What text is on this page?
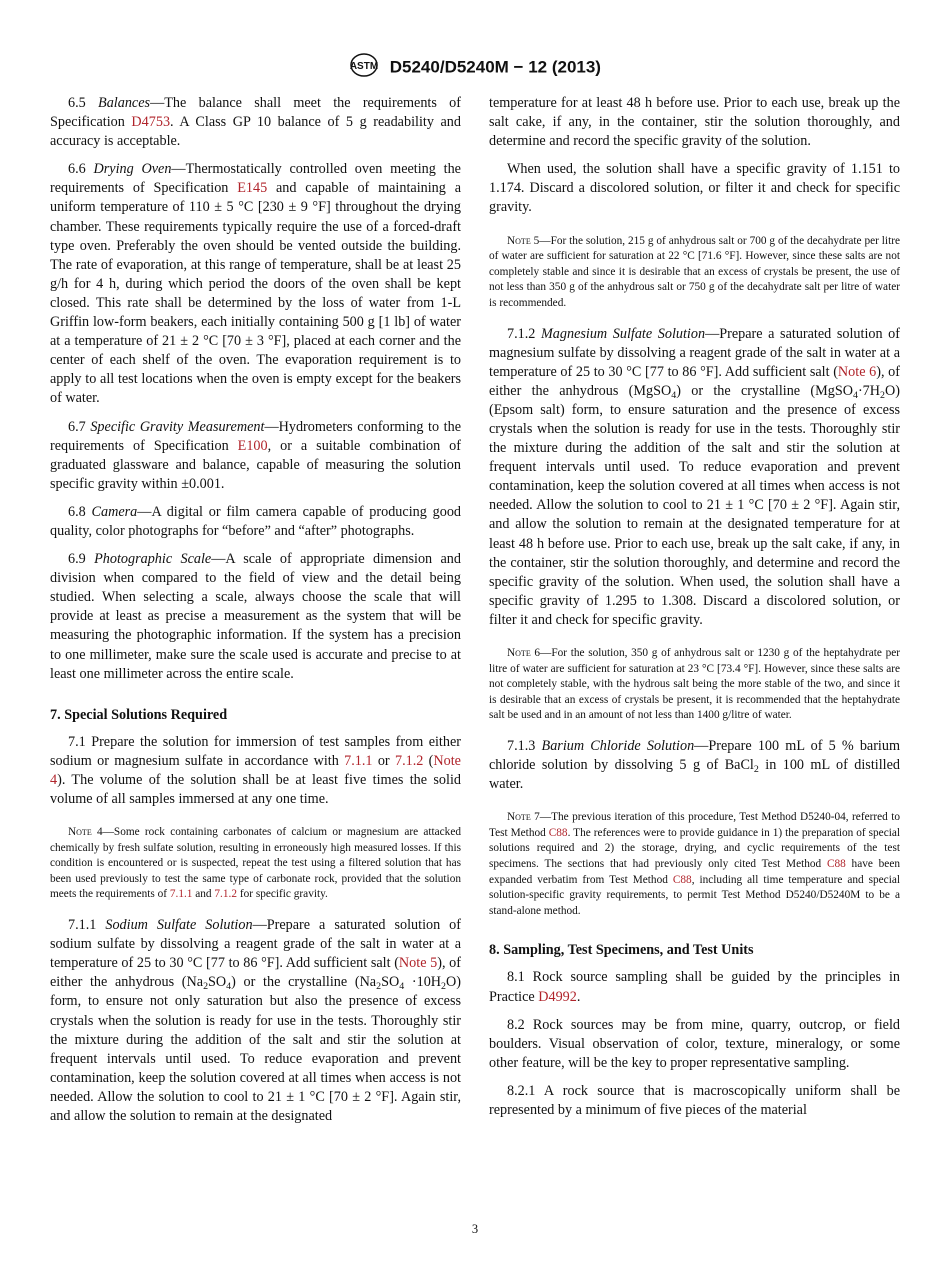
ASTM D5240/D5240M − 12 (2013)
6.5 Balances—The balance shall meet the requirements of Specification D4753. A Class GP 10 balance of 5 g readability and accuracy is acceptable.
6.6 Drying Oven—Thermostatically controlled oven meeting the requirements of Specification E145 and capable of maintaining a uniform temperature of 110 ± 5 °C [230 ± 9 °F] throughout the drying chamber. These requirements typically require the use of a forced-draft type oven. Preferably the oven should be vented outside the building. The rate of evaporation, at this range of temperature, shall be at least 25 g/h for 4 h, during which period the doors of the oven shall be kept closed. This rate shall be determined by the loss of water from 1-L Griffin low-form beakers, each initially containing 500 g [1 lb] of water at a temperature of 21 ± 2 °C [70 ± 3 °F], placed at each corner and the center of each shelf of the oven. The evaporation requirement is to apply to all test locations when the oven is empty except for the beakers of water.
6.7 Specific Gravity Measurement—Hydrometers conforming to the requirements of Specification E100, or a suitable combination of graduated glassware and balance, capable of measuring the solution specific gravity within ±0.001.
6.8 Camera—A digital or film camera capable of producing good quality, color photographs for “before” and “after” photographs.
6.9 Photographic Scale—A scale of appropriate dimension and division when compared to the field of view and the detail being studied. When selecting a scale, always choose the scale that will provide at least as precise a measurement as the system that will be measuring the photographic information. If the system has a precision to one millimeter, make sure the scale used is accurate and precise to at least one millimeter across the entire scale.
7. Special Solutions Required
7.1 Prepare the solution for immersion of test samples from either sodium or magnesium sulfate in accordance with 7.1.1 or 7.1.2 (Note 4). The volume of the solution shall be at least five times the solid volume of all samples immersed at any one time.
Note 4—Some rock containing carbonates of calcium or magnesium are attacked chemically by fresh sulfate solution, resulting in erroneously high measured losses. If this condition is encountered or is suspected, repeat the test using a filtered solution that has been used previously to test the same type of carbonate rock, provided that the solution meets the requirements of 7.1.1 and 7.1.2 for specific gravity.
7.1.1 Sodium Sulfate Solution—Prepare a saturated solution of sodium sulfate by dissolving a reagent grade of the salt in water at a temperature of 25 to 30 °C [77 to 86 °F]. Add sufficient salt (Note 5), of either the anhydrous $(Na_2SO_4)$ or the crystalline $(Na_2SO_4 \cdot 10H_2O)$ form, to ensure not only saturation but also the presence of excess crystals when the solution is ready for use in the tests. Thoroughly stir the mixture during the addition of the salt and stir the solution at frequent intervals until used. To reduce evaporation and prevent contamination, keep the solution covered at all times when access is not needed. Allow the solution to cool to 21 ± 1 °C [70 ± 2 °F]. Again stir, and allow the solution to remain at the designated
temperature for at least 48 h before use. Prior to each use, break up the salt cake, if any, in the container, stir the solution thoroughly, and determine and record the specific gravity of the solution.
When used, the solution shall have a specific gravity of 1.151 to 1.174. Discard a discolored solution, or filter it and check for specific gravity.
Note 5—For the solution, 215 g of anhydrous salt or 700 g of the decahydrate per litre of water are sufficient for saturation at 22 °C [71.6 °F]. However, since these salts are not completely stable and since it is desirable that an excess of crystals be present, the use of not less than 350 g of the anhydrous salt or 750 g of the decahydrate salt per litre of water is recommended.
7.1.2 Magnesium Sulfate Solution—Prepare a saturated solution of magnesium sulfate by dissolving a reagent grade of the salt in water at a temperature of 25 to 30 °C [77 to 86 °F]. Add sufficient salt (Note 6), of either the anhydrous (MgSO$_4$) or the crystalline $(MgSO_4\cdot 7H_2O)$ (Epsom salt) form, to ensure saturation and the presence of excess crystals when the solution is ready for use in the tests. Thoroughly stir the mixture during the addition of the salt and stir the solution at frequent intervals until used. To reduce evaporation and prevent contamination, keep the solution covered at all times when access is not needed. Allow the solution to cool to 21 ± 1 °C [70 ± 2 °F]. Again stir, and allow the solution to remain at the designated temperature for at least 48 h before use. Prior to each use, break up the salt cake, if any, in the container, stir the solution thoroughly, and determine and record the specific gravity of the solution. When used, the solution shall have a specific gravity of 1.295 to 1.308. Discard a discolored solution, or filter it and check for specific gravity.
Note 6—For the solution, 350 g of anhydrous salt or 1230 g of the heptahydrate per litre of water are sufficient for saturation at 23 °C [73.4 °F]. However, since these salts are not completely stable, with the hydrous salt being the more stable of the two, and since it is desirable that an excess of crystals be present, it is recommended that the heptahydrate salt be used and in an amount of not less than 1400 g/litre of water.
7.1.3 Barium Chloride Solution—Prepare 100 mL of 5 % barium chloride solution by dissolving 5 g of BaCl$_2$ in 100 mL of distilled water.
Note 7—The previous iteration of this procedure, Test Method D5240-04, referred to Test Method C88. The references were to provide guidance in 1) the preparation of special solutions required and 2) the storage, drying, and cyclic requirements of the test specimens. The sections that had previously only cited Test Method C88 have been expanded verbatim from Test Method C88, including all time temperature and special solution-specific gravity requirements, to permit Test Method D5240/D5240M to be a stand-alone method.
8. Sampling, Test Specimens, and Test Units
8.1 Rock source sampling shall be guided by the principles in Practice D4992.
8.2 Rock sources may be from mine, quarry, outcrop, or field boulders. Visual observation of color, texture, mineralogy, or some other feature, will be the key to proper representative sampling.
8.2.1 A rock source that is macroscopically uniform shall be represented by a minimum of five pieces of the material
3
